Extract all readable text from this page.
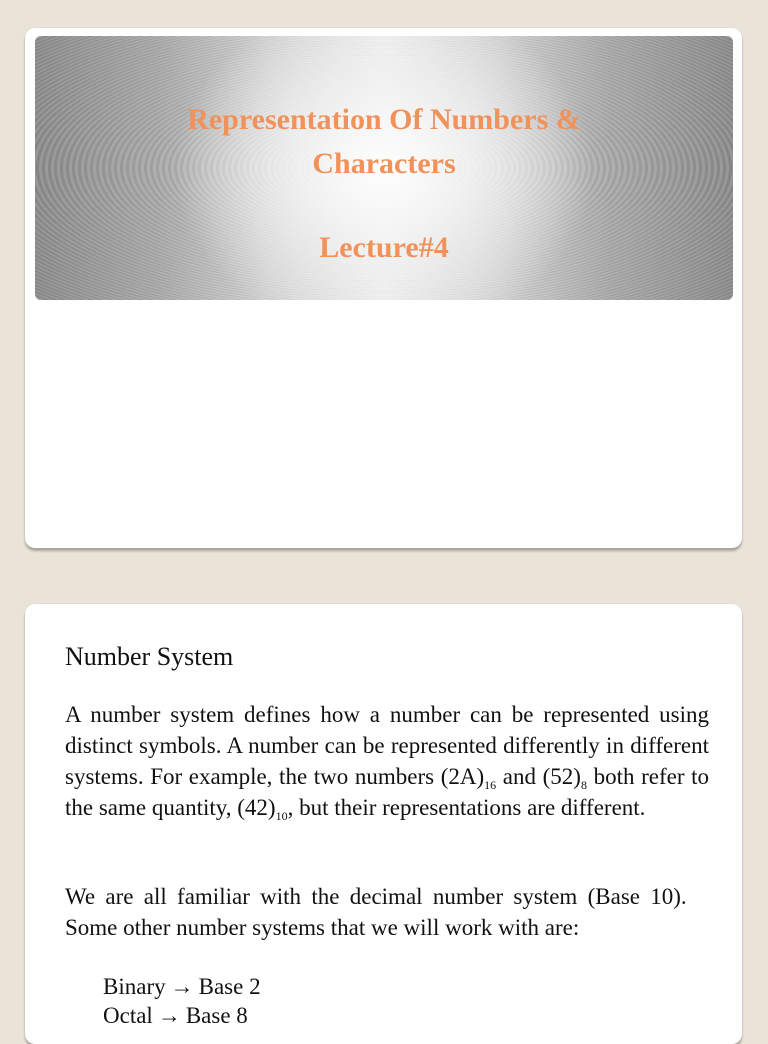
Representation Of Numbers &
Characters
Lecture#4
Number System

A number system defines how a number can be represented using distinct symbols. A number can be represented differently in different systems. For example, the two numbers $(2A)_{16}$ and $(52)_8$ both refer to the same quantity, $(42)_{10}$, but their representations are different.

We are all familiar with the decimal number system (Base 10). Some other number systems that we will work with are:

Binary → Base 2
Octal → Base 8
